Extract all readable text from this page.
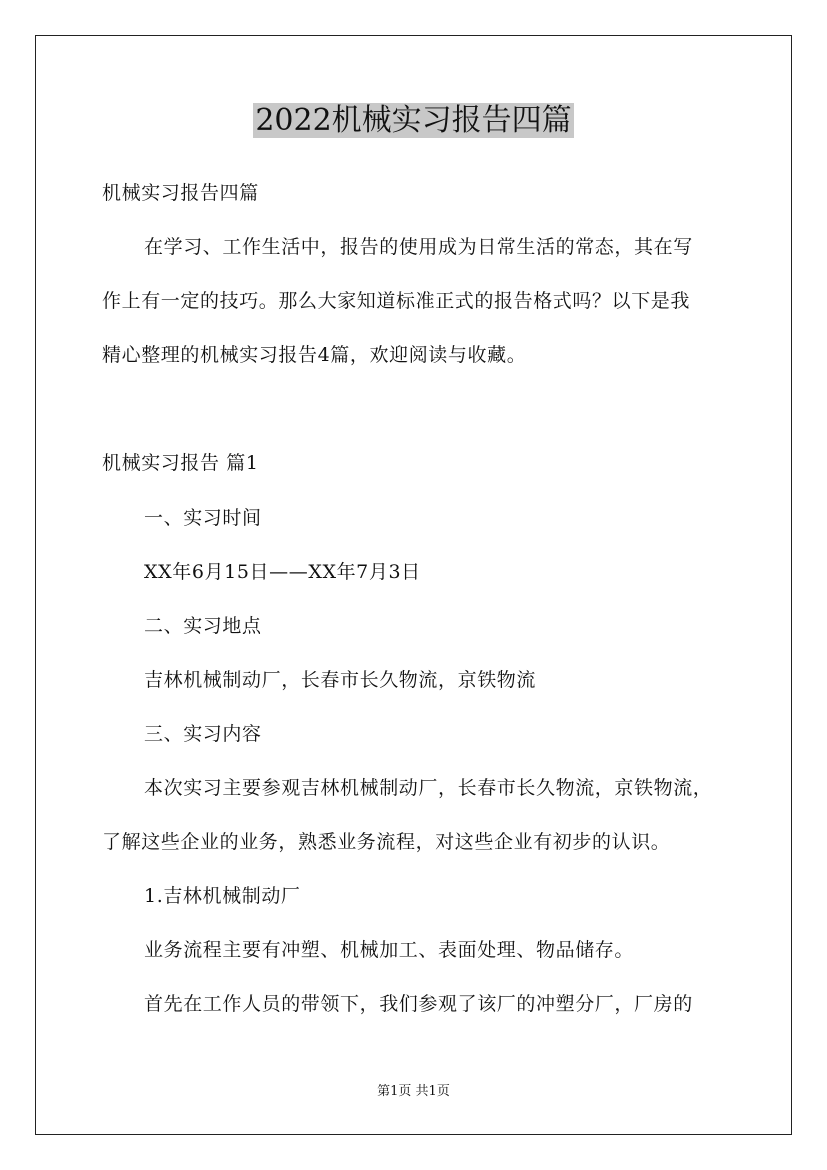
2022机械实习报告四篇
机械实习报告四篇
在学习、工作生活中，报告的使用成为日常生活的常态，其在写
作上有一定的技巧。那么大家知道标准正式的报告格式吗？以下是我
精心整理的机械实习报告4篇，欢迎阅读与收藏。
机械实习报告 篇1
一、实习时间
XX年6月15日——XX年7月3日
二、实习地点
吉林机械制动厂，长春市长久物流，京铁物流
三、实习内容
本次实习主要参观吉林机械制动厂，长春市长久物流，京铁物流，
了解这些企业的业务，熟悉业务流程，对这些企业有初步的认识。
1.吉林机械制动厂
业务流程主要有冲塑、机械加工、表面处理、物品储存。
首先在工作人员的带领下，我们参观了该厂的冲塑分厂，厂房的
第1页 共1页
